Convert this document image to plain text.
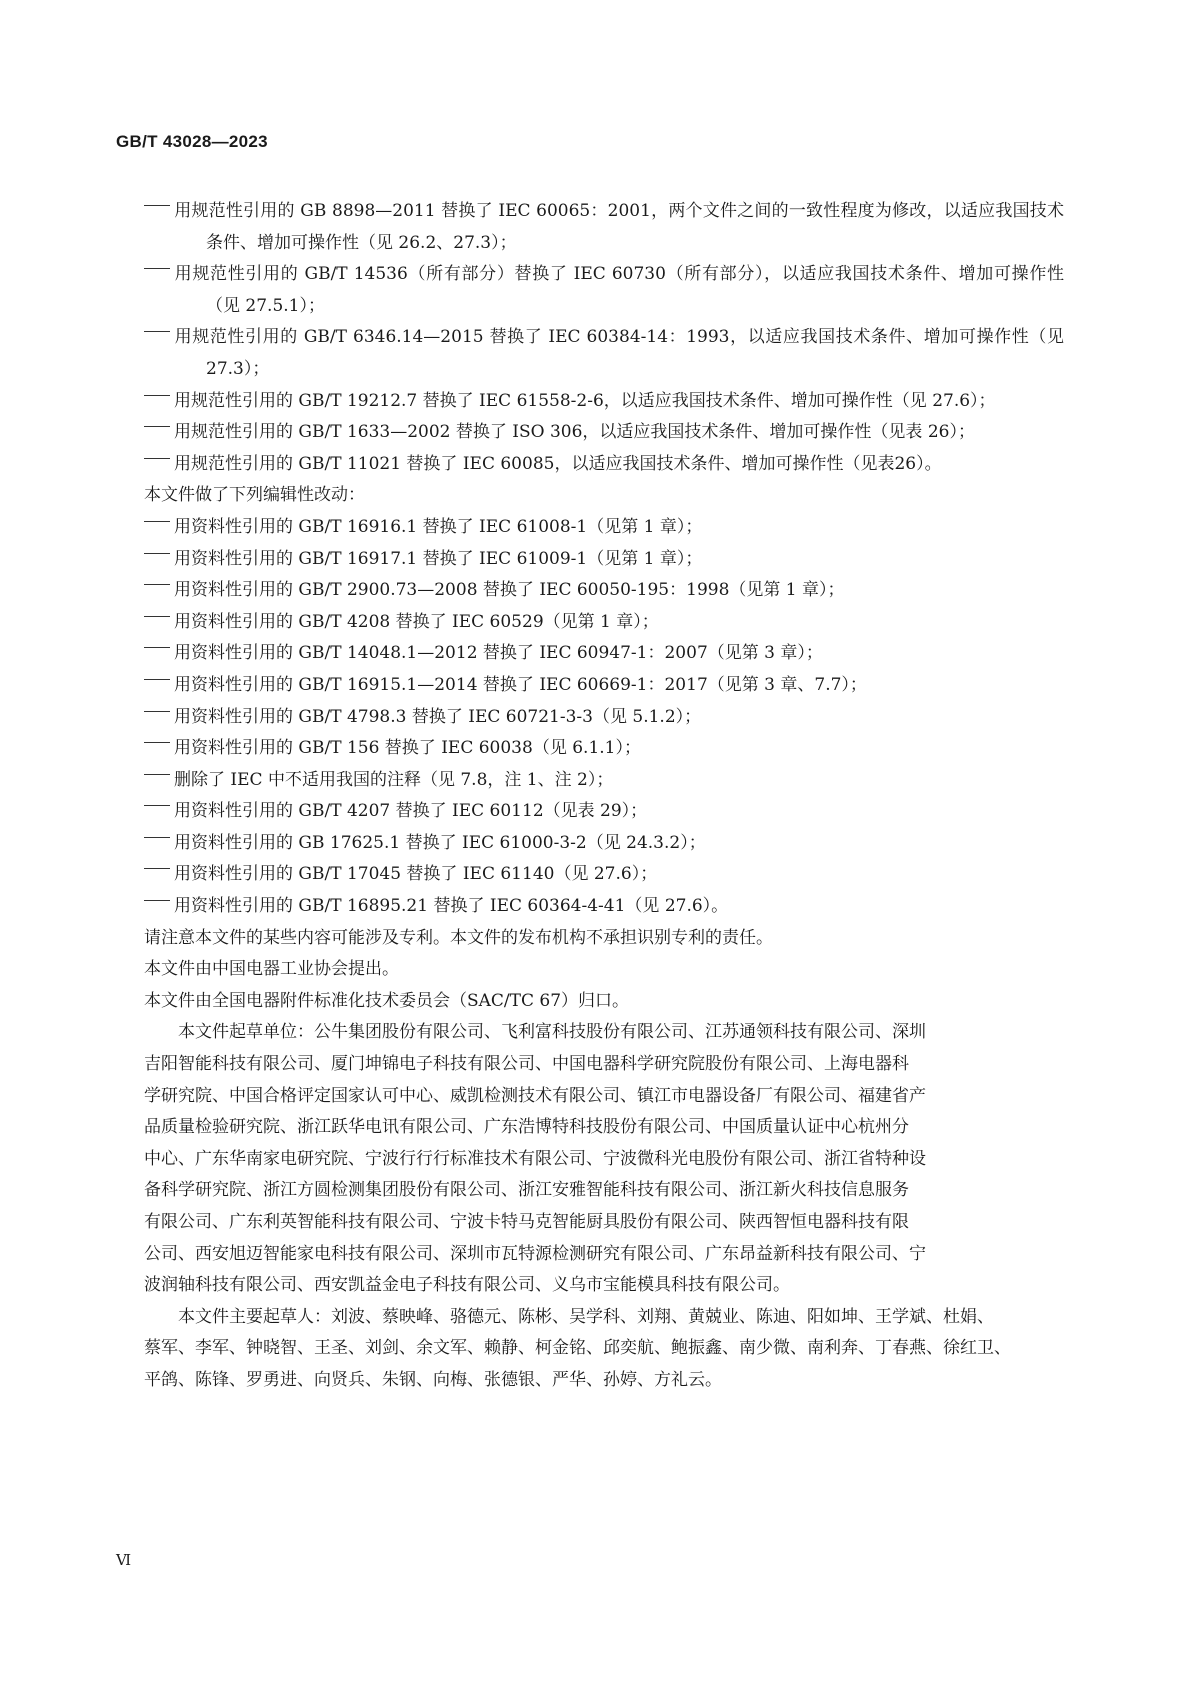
GB/T 43028—2023

用规范性引用的 GB 8898—2011 替换了 IEC 60065：2001，两个文件之间的一致性程度为修改，以适应我国技术条件、增加可操作性（见 26.2、27.3）；

用规范性引用的 GB/T 14536（所有部分）替换了 IEC 60730（所有部分），以适应我国技术条件、增加可操作性（见 27.5.1）；

用规范性引用的 GB/T 6346.14—2015 替换了 IEC 60384-14：1993，以适应我国技术条件、增加可操作性（见 27.3）；

用规范性引用的 GB/T 19212.7 替换了 IEC 61558-2-6，以适应我国技术条件、增加可操作性（见 27.6）；

用规范性引用的 GB/T 1633—2002 替换了 ISO 306，以适应我国技术条件、增加可操作性（见表 26）；

用规范性引用的 GB/T 11021 替换了 IEC 60085，以适应我国技术条件、增加可操作性（见表26）。

本文件做了下列编辑性改动：

用资料性引用的 GB/T 16916.1 替换了 IEC 61008-1（见第 1 章）；

用资料性引用的 GB/T 16917.1 替换了 IEC 61009-1（见第 1 章）；

用资料性引用的 GB/T 2900.73—2008 替换了 IEC 60050-195：1998（见第 1 章）；

用资料性引用的 GB/T 4208 替换了 IEC 60529（见第 1 章）；

用资料性引用的 GB/T 14048.1—2012 替换了 IEC 60947-1：2007（见第 3 章）；

用资料性引用的 GB/T 16915.1—2014 替换了 IEC 60669-1：2017（见第 3 章、7.7）；

用资料性引用的 GB/T 4798.3 替换了 IEC 60721-3-3（见 5.1.2）；

用资料性引用的 GB/T 156 替换了 IEC 60038（见 6.1.1）；

删除了 IEC 中不适用我国的注释（见 7.8，注 1、注 2）；

用资料性引用的 GB/T 4207 替换了 IEC 60112（见表 29）；

用资料性引用的 GB 17625.1 替换了 IEC 61000-3-2（见 24.3.2）；

用资料性引用的 GB/T 17045 替换了 IEC 61140（见 27.6）；

用资料性引用的 GB/T 16895.21 替换了 IEC 60364-4-41（见 27.6）。

请注意本文件的某些内容可能涉及专利。本文件的发布机构不承担识别专利的责任。

本文件由中国电器工业协会提出。

本文件由全国电器附件标准化技术委员会（SAC/TC 67）归口。

本文件起草单位：公牛集团股份有限公司、飞利富科技股份有限公司、江苏通领科技有限公司、深圳

吉阳智能科技有限公司、厦门坤锦电子科技有限公司、中国电器科学研究院股份有限公司、上海电器科

学研究院、中国合格评定国家认可中心、威凯检测技术有限公司、镇江市电器设备厂有限公司、福建省产

品质量检验研究院、浙江跃华电讯有限公司、广东浩博特科技股份有限公司、中国质量认证中心杭州分

中心、广东华南家电研究院、宁波行行行标准技术有限公司、宁波微科光电股份有限公司、浙江省特种设

备科学研究院、浙江方圆检测集团股份有限公司、浙江安雅智能科技有限公司、浙江新火科技信息服务

有限公司、广东利英智能科技有限公司、宁波卡特马克智能厨具股份有限公司、陕西智恒电器科技有限

公司、西安旭迈智能家电科技有限公司、深圳市瓦特源检测研究有限公司、广东昂益新科技有限公司、宁

波润轴科技有限公司、西安凯益金电子科技有限公司、义乌市宝能模具科技有限公司。

本文件主要起草人：刘波、蔡映峰、骆德元、陈彬、吴学科、刘翔、黄兢业、陈迪、阳如坤、王学斌、杜娟、

蔡军、李军、钟晓智、王圣、刘剑、余文军、赖静、柯金铭、邱奕航、鲍振鑫、南少微、南利奔、丁春燕、徐红卫、

平鸽、陈锋、罗勇进、向贤兵、朱钢、向梅、张德银、严华、孙婷、方礼云。

Ⅵ
